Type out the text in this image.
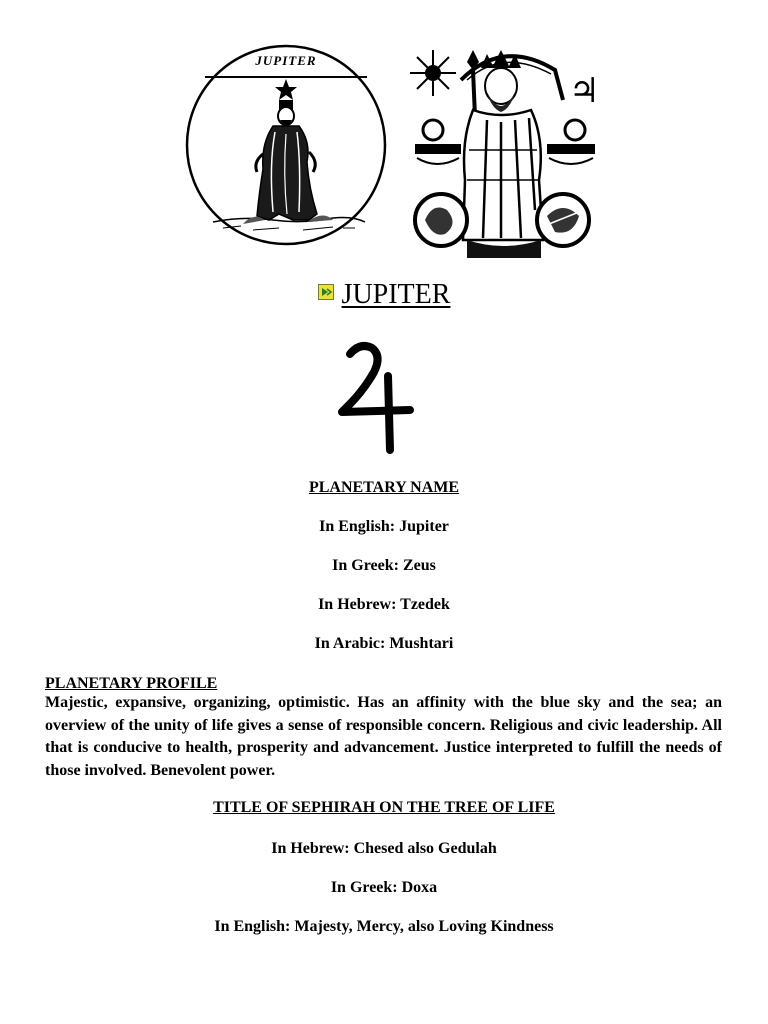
JUPITER
♃
JUPITER
PLANETARY NAME
In English: Jupiter
In Greek: Zeus
In Hebrew: Tzedek
In Arabic: Mushtari
PLANETARY PROFILE

Majestic, expansive, organizing, optimistic. Has an affinity with the blue sky and the sea; an overview of the unity of life gives a sense of responsible concern. Religious and civic leadership. All that is conducive to health, prosperity and advancement. Justice interpreted to fulfill the needs of those involved. Benevolent power.

TITLE OF SEPHIRAH ON THE TREE OF LIFE
In Hebrew: Chesed also Gedulah
In Greek: Doxa
In English: Majesty, Mercy, also Loving Kindness
